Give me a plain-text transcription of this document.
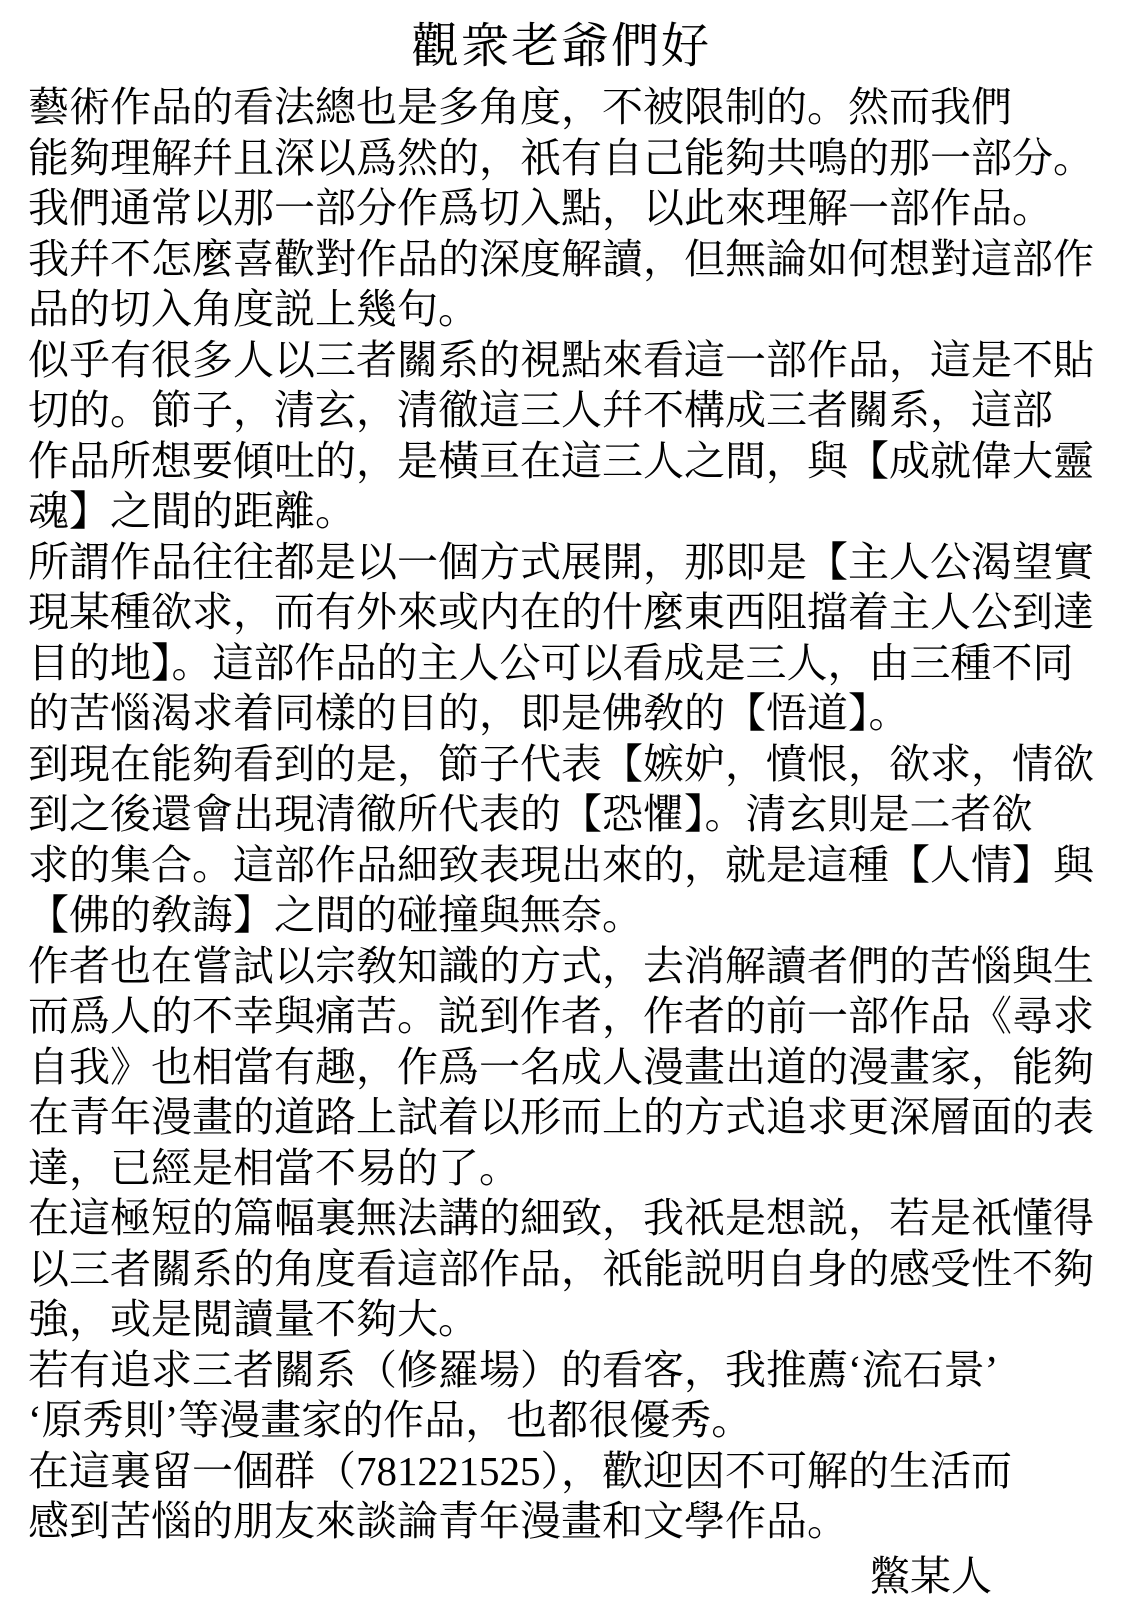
觀衆老爺們好
藝術作品的看法總也是多角度，不被限制的。然而我們
能夠理解幷且深以爲然的，祇有自己能夠共鳴的那一部分。
我們通常以那一部分作爲切入點，以此來理解一部作品。
我幷不怎麼喜歡對作品的深度解讀，但無論如何想對這部作
品的切入角度説上幾句。
似乎有很多人以三者關系的視點來看這一部作品，這是不貼
切的。節子，清玄，清徹這三人幷不構成三者關系，這部
作品所想要傾吐的，是橫亘在這三人之間，與【成就偉大靈
魂】之間的距離。
所謂作品往往都是以一個方式展開，那即是【主人公渴望實
現某種欲求，而有外來或内在的什麼東西阻擋着主人公到達
目的地】。這部作品的主人公可以看成是三人，由三種不同
的苦惱渴求着同樣的目的，即是佛敎的【悟道】。
到現在能夠看到的是，節子代表【嫉妒，憤恨，欲求，情欲
到之後還會出現清徹所代表的【恐懼】。清玄則是二者欲
求的集合。這部作品細致表現出來的，就是這種【人情】與
【佛的敎誨】之間的碰撞與無奈。
作者也在嘗試以宗敎知識的方式，去消解讀者們的苦惱與生
而爲人的不幸與痛苦。説到作者，作者的前一部作品《尋求
自我》也相當有趣，作爲一名成人漫畫出道的漫畫家，能夠
在青年漫畫的道路上試着以形而上的方式追求更深層面的表
達，已經是相當不易的了。
在這極短的篇幅裏無法講的細致，我祇是想説，若是祇懂得
以三者關系的角度看這部作品，祇能説明自身的感受性不夠
強，或是閲讀量不夠大。
若有追求三者關系（修羅場）的看客，我推薦‘流石景’
‘原秀則’等漫畫家的作品，也都很優秀。
在這裏留一個群（781221525），歡迎因不可解的生活而
感到苦惱的朋友來談論青年漫畫和文學作品。
鱉某人
